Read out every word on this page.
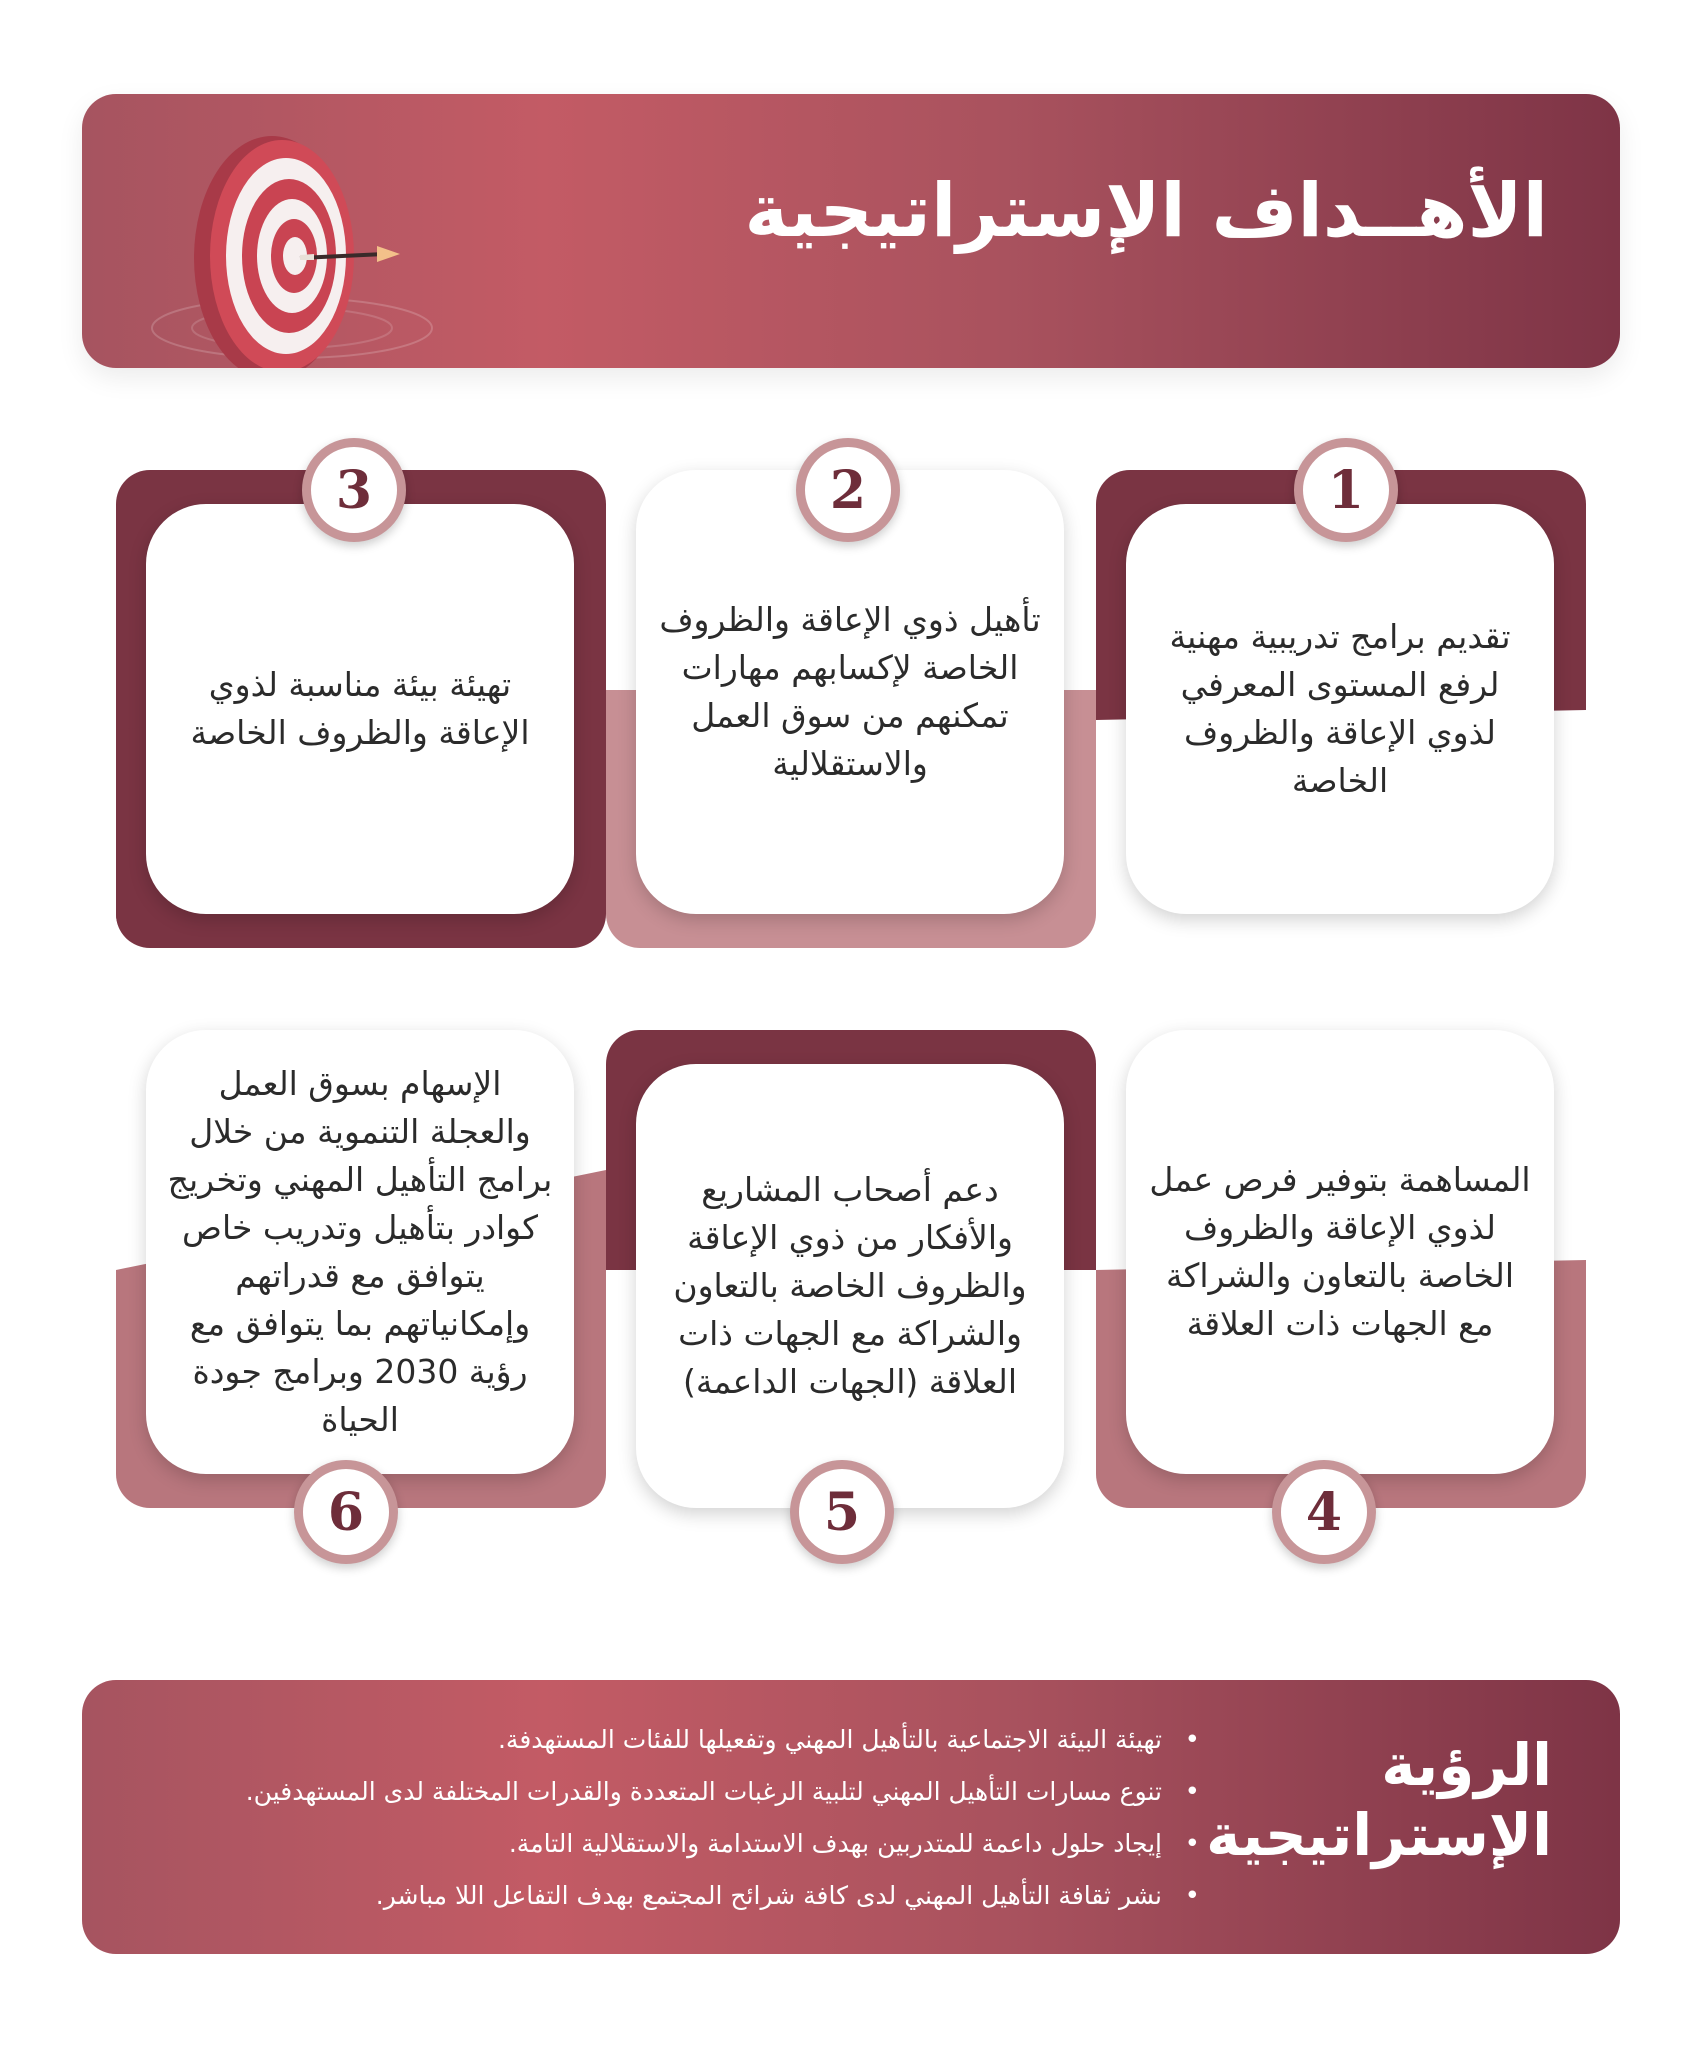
الأهــداف الإستراتيجية
تهيئة بيئة مناسبة لذوي الإعاقة والظروف الخاصة
3
تأهيل ذوي الإعاقة والظروف الخاصة لإكسابهم مهارات تمكنهم من سوق العمل والاستقلالية
2
تقديم برامج تدريبية مهنية لرفع المستوى المعرفي لذوي الإعاقة والظروف الخاصة
1
الإسهام بسوق العمل والعجلة التنموية من خلال برامج التأهيل المهني وتخريج كوادر بتأهيل وتدريب خاص يتوافق مع قدراتهم وإمكانياتهم بما يتوافق مع رؤية 2030 وبرامج جودة الحياة
6
دعم أصحاب المشاريع والأفكار من ذوي الإعاقة والظروف الخاصة بالتعاون والشراكة مع الجهات ذات العلاقة (الجهات الداعمة)
5
المساهمة بتوفير فرص عمل لذوي الإعاقة والظروف الخاصة بالتعاون والشراكة مع الجهات ذات العلاقة
4
الرؤية
الإستراتيجية
• تهيئة البيئة الاجتماعية بالتأهيل المهني وتفعيلها للفئات المستهدفة.
• تنوع مسارات التأهيل المهني لتلبية الرغبات المتعددة والقدرات المختلفة لدى المستهدفين.
• إيجاد حلول داعمة للمتدربين بهدف الاستدامة والاستقلالية التامة.
• نشر ثقافة التأهيل المهني لدى كافة شرائح المجتمع بهدف التفاعل اللا مباشر.
